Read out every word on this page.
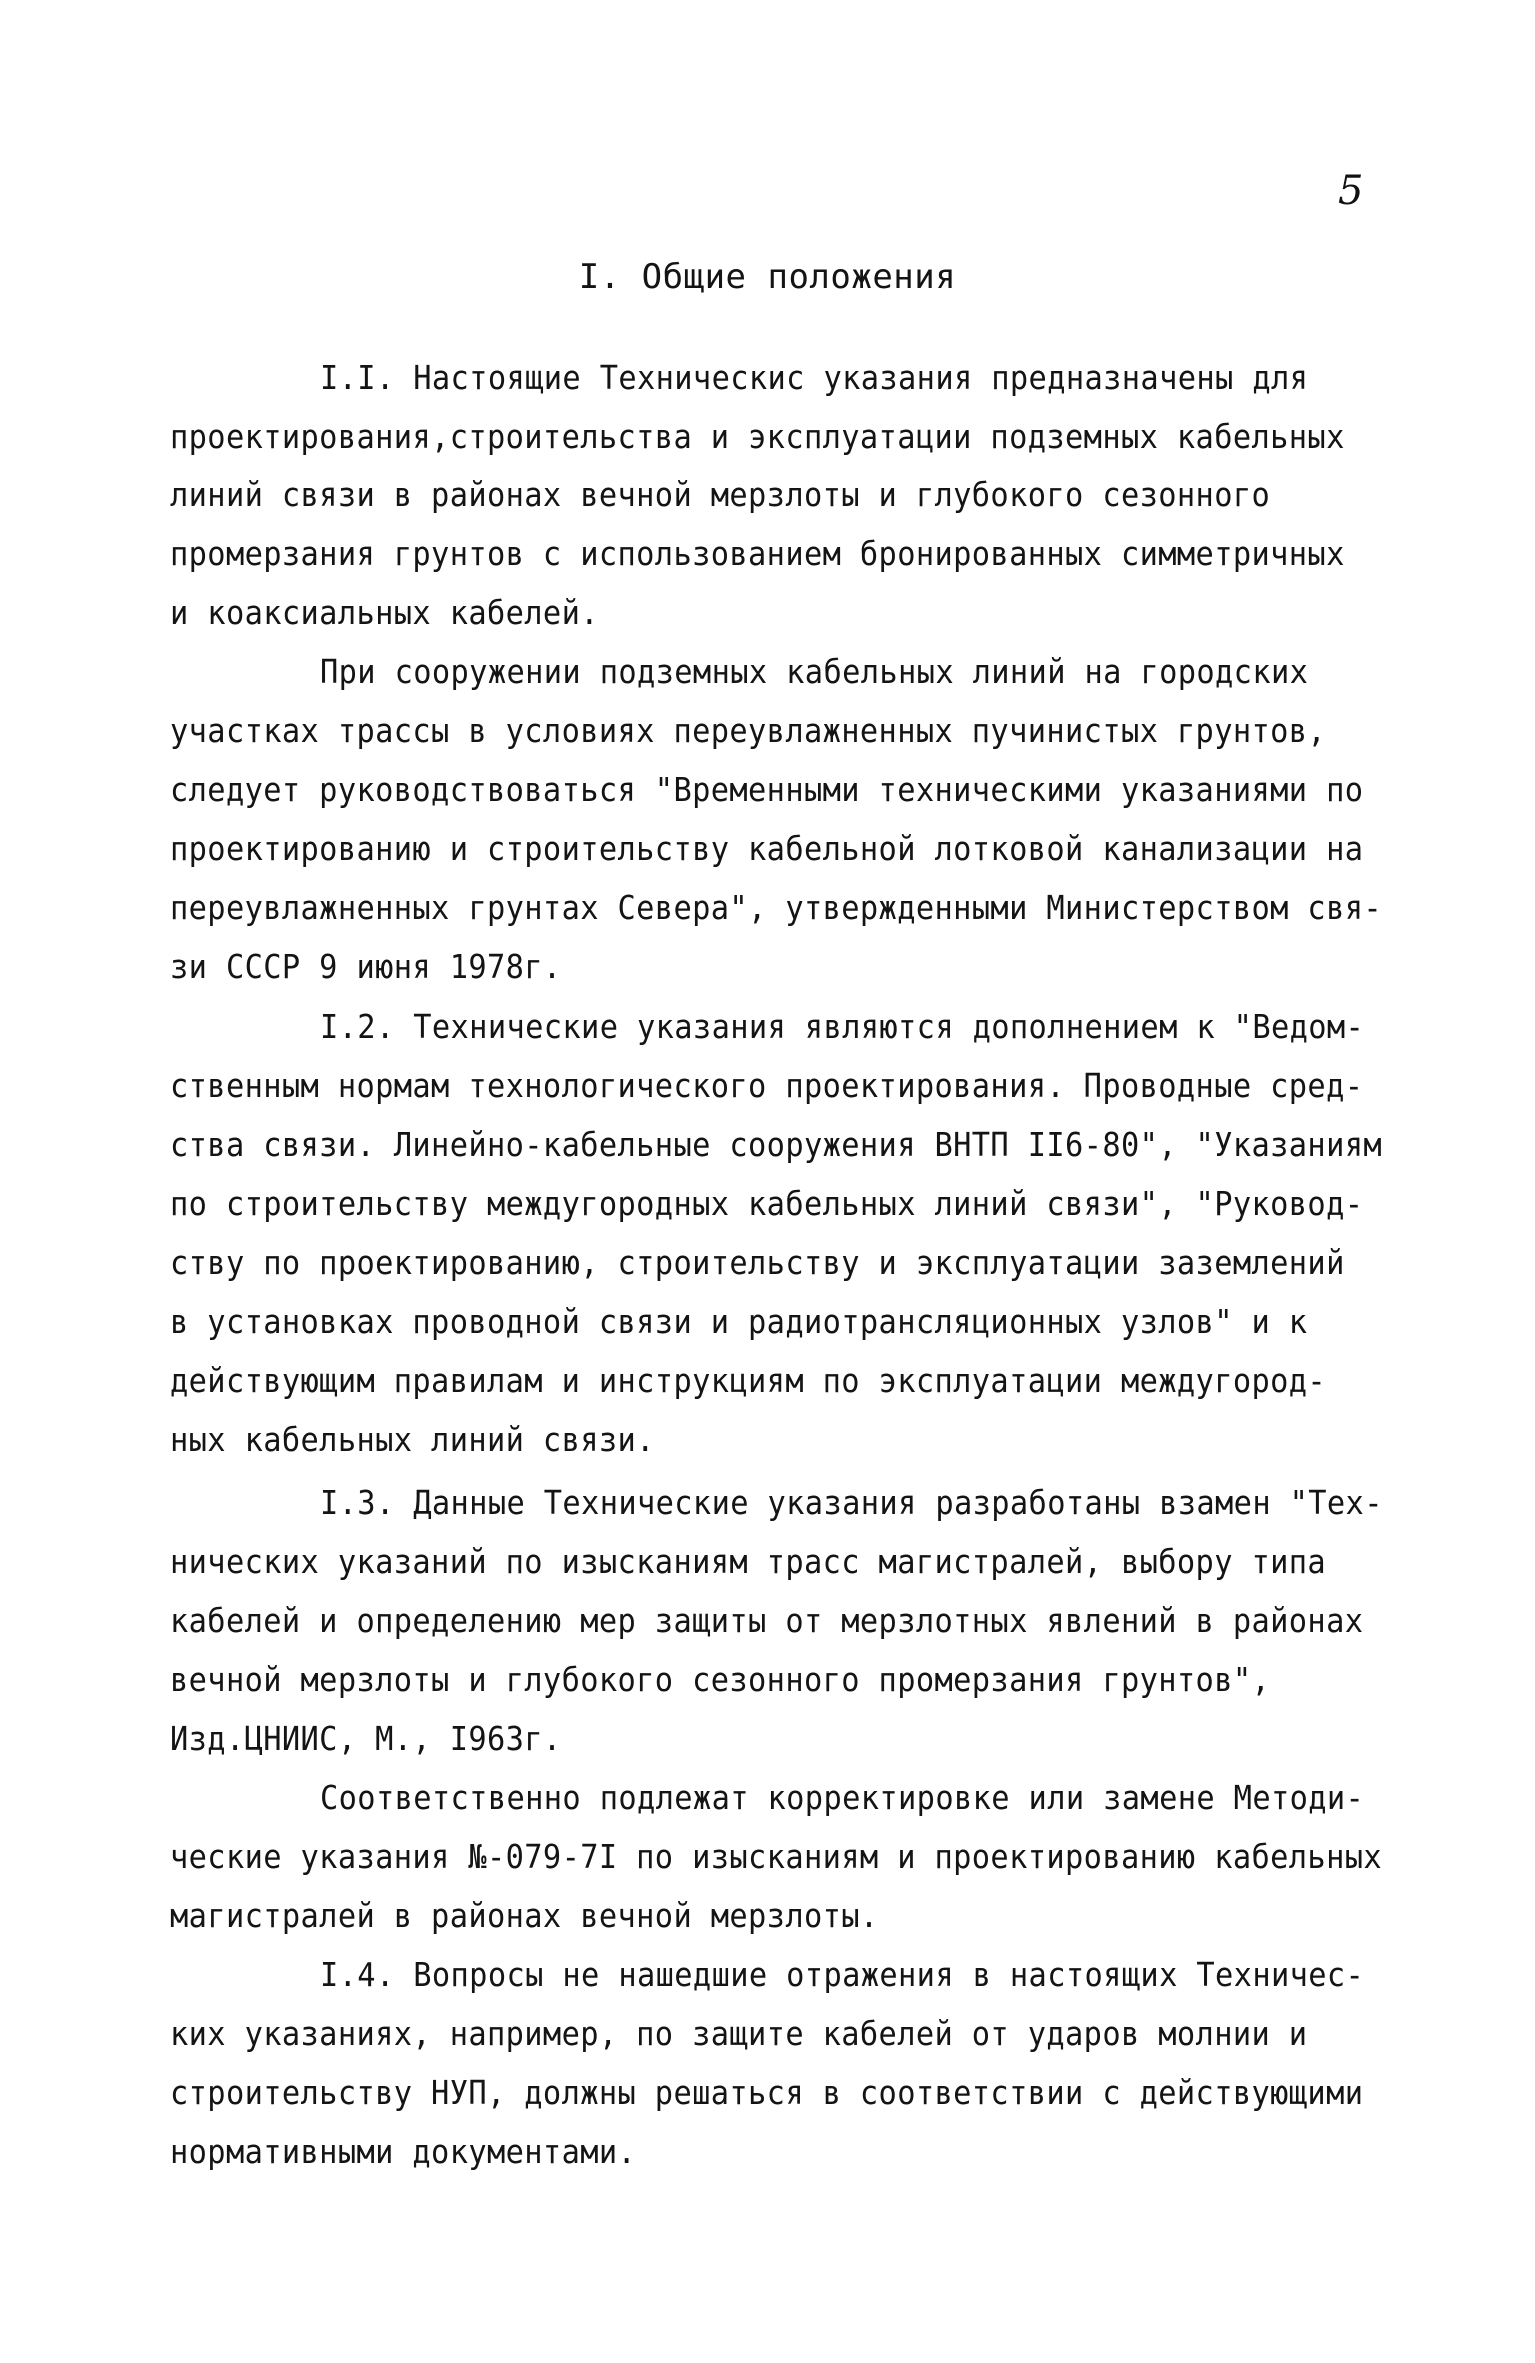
5
I. Общие положения
I.I. Настоящие Техническис указания предназначены для
проектирования,строительства и эксплуатации подземных кабельных
линий связи в районах вечной мерзлоты и глубокого сезонного
промерзания грунтов с использованием бронированных симметричных
и коаксиальных кабелей.
При сооружении подземных кабельных линий на городских
участках трассы в условиях переувлажненных пучинистых грунтов,
следует руководствоваться "Временными техническими указаниями по
проектированию и строительству кабельной лотковой канализации на
переувлажненных грунтах Севера", утвержденными Министерством свя-
зи СССР 9 июня 1978г.
I.2. Технические указания являются дополнением к "Ведом-
ственным нормам технологического проектирования. Проводные сред-
ства связи. Линейно-кабельные сооружения ВНТП II6-80", "Указаниям
по строительству междугородных кабельных линий связи", "Руковод-
ству по проектированию, строительству и эксплуатации заземлений
в установках проводной связи и радиотрансляционных узлов" и к
действующим правилам и инструкциям по эксплуатации междугород-
ных кабельных линий связи.
I.3. Данные Технические указания разработаны взамен "Тех-
нических указаний по изысканиям трасс магистралей, выбору типа
кабелей и определению мер защиты от мерзлотных явлений в районах
вечной мерзлоты и глубокого сезонного промерзания грунтов",
Изд.ЦНИИС, М., I963г.
Соответственно подлежат корректировке или замене Методи-
ческие указания №-079-7I по изысканиям и проектированию кабельных
магистралей в районах вечной мерзлоты.
I.4. Вопросы не нашедшие отражения в настоящих Техничес-
ких указаниях, например, по защите кабелей от ударов молнии и
строительству НУП, должны решаться в соответствии с действующими
нормативными документами.
